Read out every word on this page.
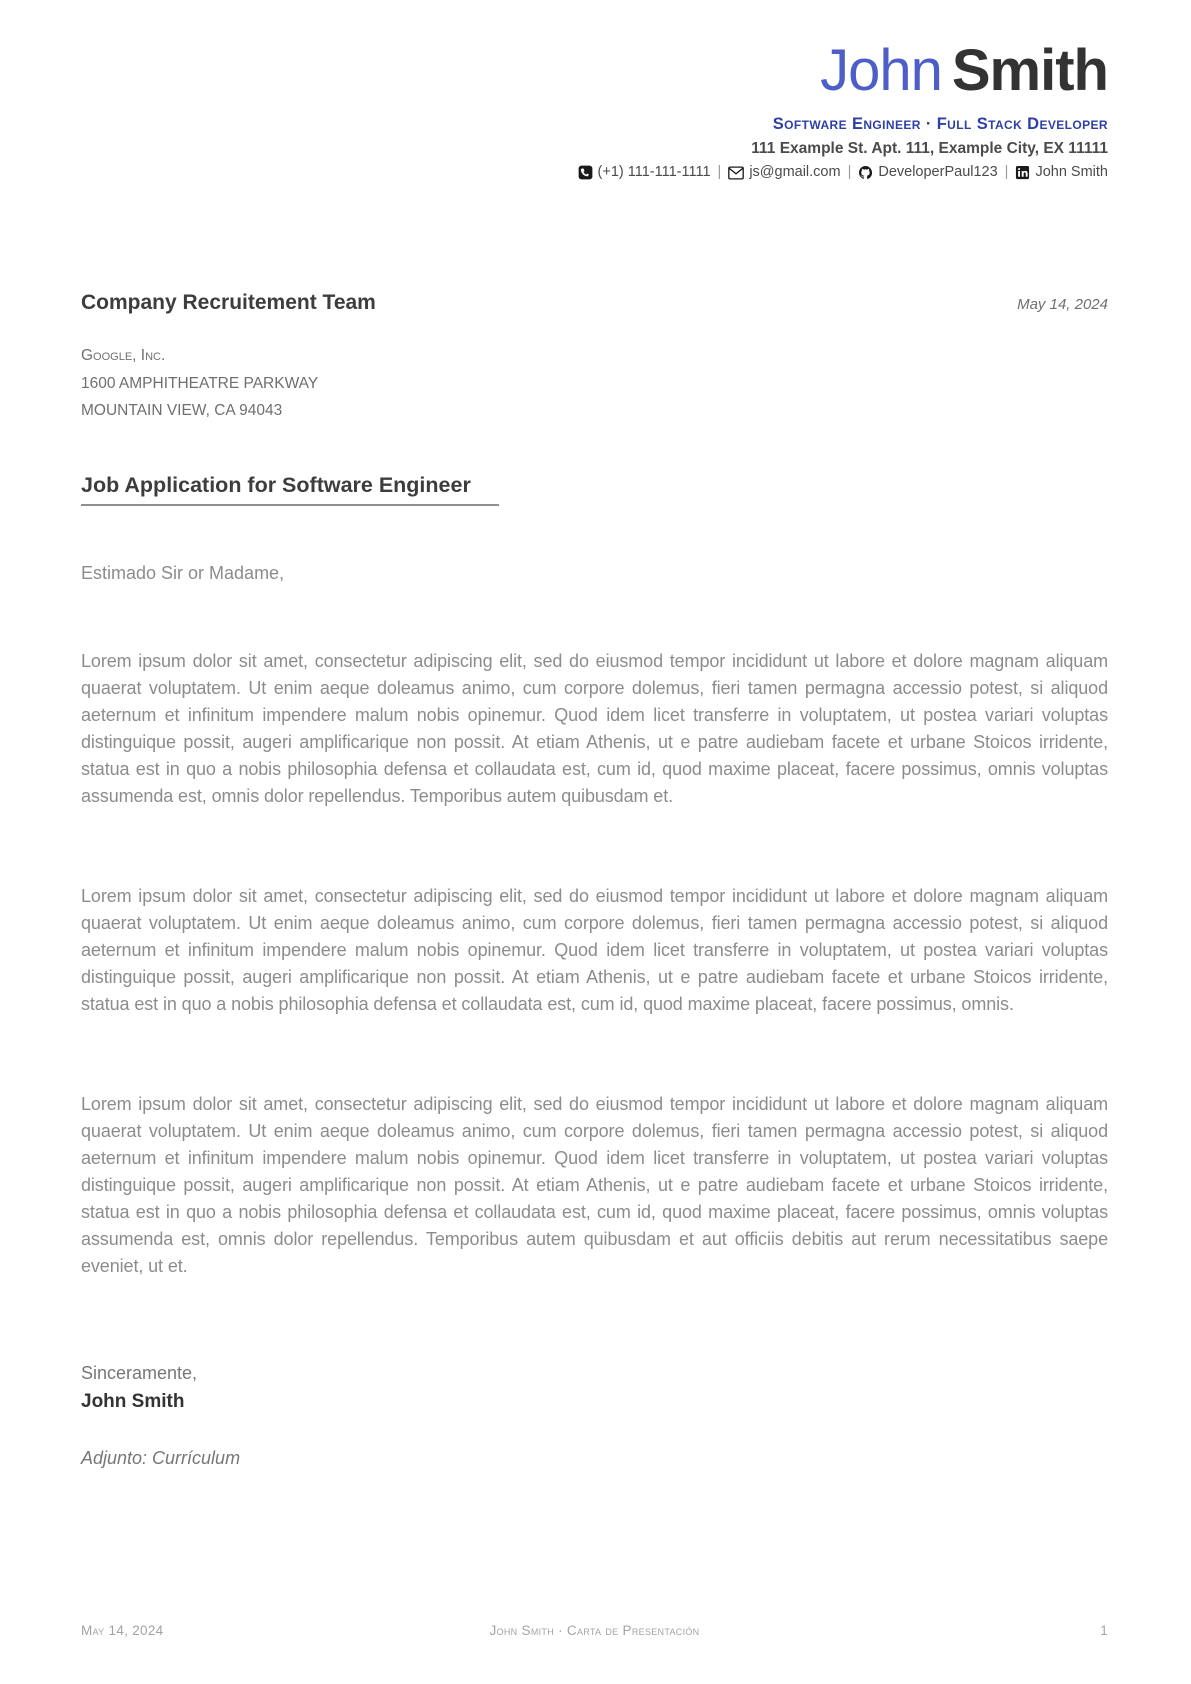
John Smith
Software Engineer · Full Stack Developer
111 Example St. Apt. 111, Example City, EX 11111
(+1) 111-111-1111 | js@gmail.com | DeveloperPaul123 | John Smith
Company Recruitement Team	May 14, 2024
Google, Inc.
1600 AMPHITHEATRE PARKWAY
MOUNTAIN VIEW, CA 94043
Job Application for Software Engineer

Estimado Sir or Madame,

Lorem ipsum dolor sit amet, consectetur adipiscing elit, sed do eiusmod tempor incididunt ut labore et dolore magnam aliquam quaerat voluptatem. Ut enim aeque doleamus animo, cum corpore dolemus, fieri tamen permagna accessio potest, si aliquod aeternum et infinitum impendere malum nobis opinemur. Quod idem licet transferre in voluptatem, ut postea variari voluptas distinguique possit, augeri amplificarique non possit. At etiam Athenis, ut e patre audiebam facete et urbane Stoicos irridente, statua est in quo a nobis philosophia defensa et collaudata est, cum id, quod maxime placeat, facere possimus, omnis voluptas assumenda est, omnis dolor repellendus. Temporibus autem quibusdam et.

Lorem ipsum dolor sit amet, consectetur adipiscing elit, sed do eiusmod tempor incididunt ut labore et dolore magnam aliquam quaerat voluptatem. Ut enim aeque doleamus animo, cum corpore dolemus, fieri tamen permagna accessio potest, si aliquod aeternum et infinitum impendere malum nobis opinemur. Quod idem licet transferre in voluptatem, ut postea variari voluptas distinguique possit, augeri amplificarique non possit. At etiam Athenis, ut e patre audiebam facete et urbane Stoicos irridente, statua est in quo a nobis philosophia defensa et collaudata est, cum id, quod maxime placeat, facere possimus, omnis.

Lorem ipsum dolor sit amet, consectetur adipiscing elit, sed do eiusmod tempor incididunt ut labore et dolore magnam aliquam quaerat voluptatem. Ut enim aeque doleamus animo, cum corpore dolemus, fieri tamen permagna accessio potest, si aliquod aeternum et infinitum impendere malum nobis opinemur. Quod idem licet transferre in voluptatem, ut postea variari voluptas distinguique possit, augeri amplificarique non possit. At etiam Athenis, ut e patre audiebam facete et urbane Stoicos irridente, statua est in quo a nobis philosophia defensa et collaudata est, cum id, quod maxime placeat, facere possimus, omnis voluptas assumenda est, omnis dolor repellendus. Temporibus autem quibusdam et aut officiis debitis aut rerum necessitatibus saepe eveniet, ut et.

Sinceramente,
John Smith
Adjunto: Currículum
May 14, 2024	John Smith · Carta de Presentación	1
